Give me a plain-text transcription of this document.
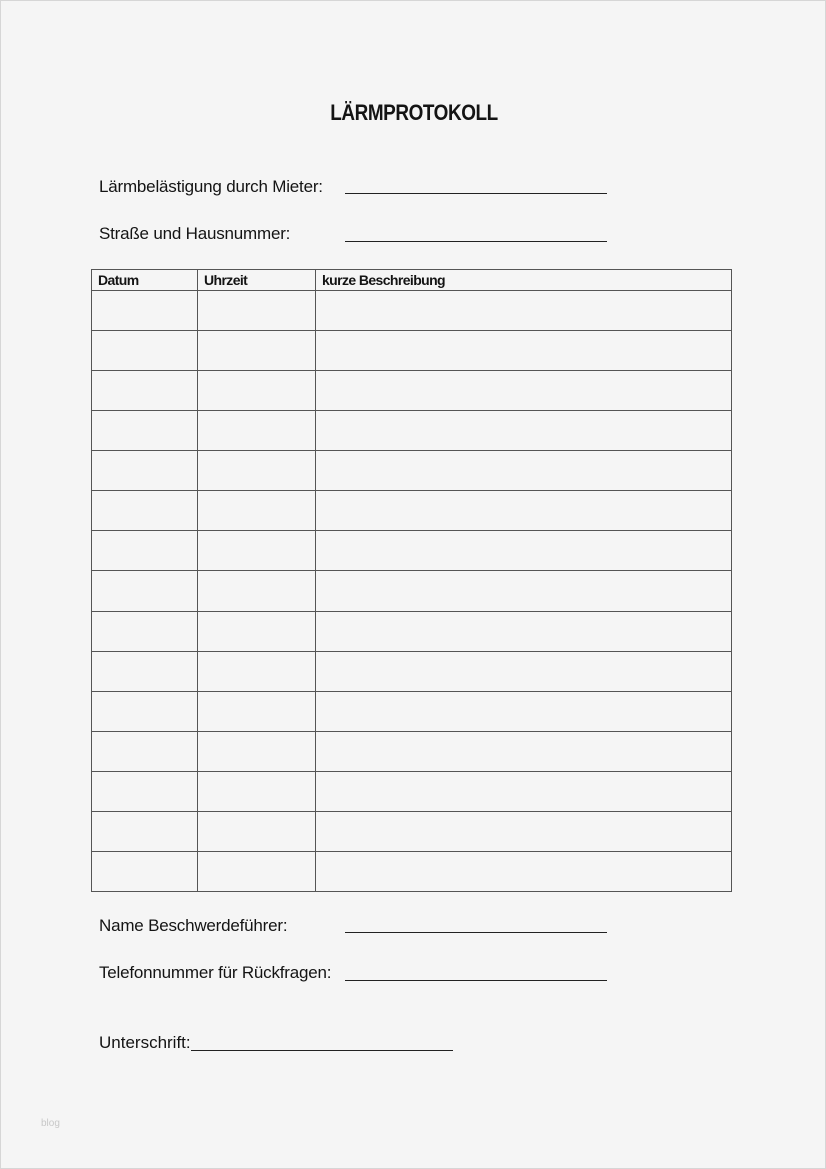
LÄRMPROTOKOLL
Lärmbelästigung durch Mieter:
Straße und Hausnummer:
Datum	Uhrzeit	kurze Beschreibung

Name Beschwerdeführer:
Telefonnummer für Rückfragen:
Unterschrift:
blog
